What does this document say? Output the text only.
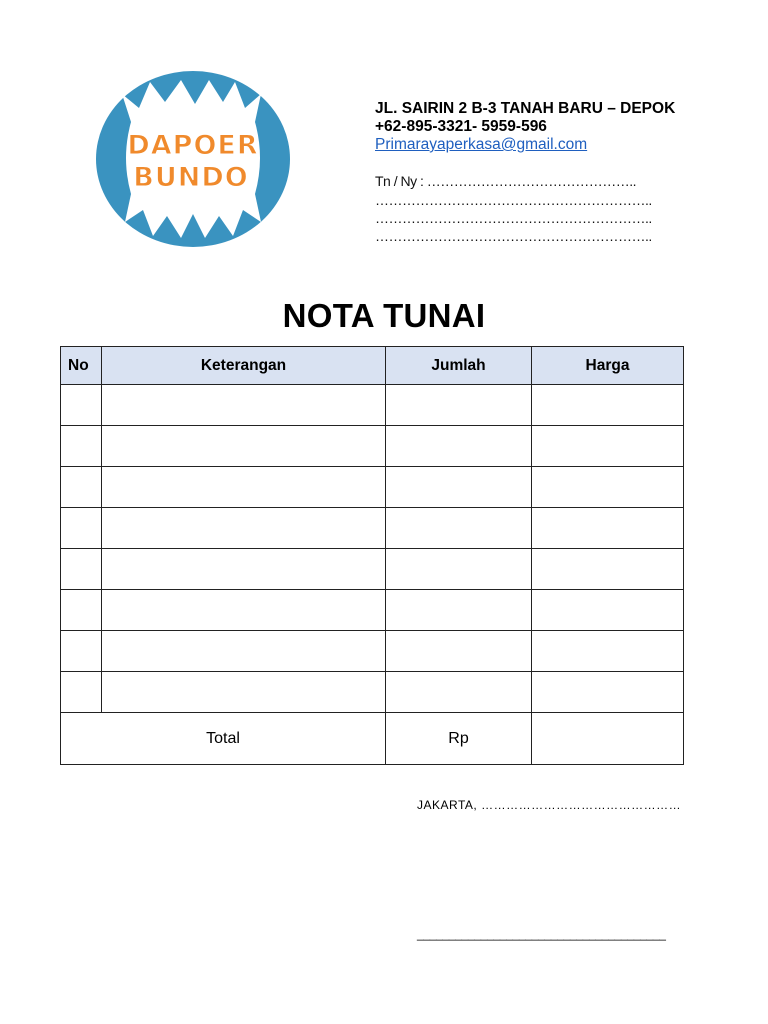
DAPOER
BUNDO
JL. SAIRIN 2 B-3 TANAH BARU – DEPOK
+62-895-3321- 5959-596
Primarayaperkasa@gmail.com
Tn / Ny : ………………………………………..
……………………………………………………..
……………………………………………………..
……………………………………………………..
NOTA TUNAI
No	Keterangan	Jumlah	Harga

Total		Rp	
JAKARTA, …………………………………………
_______________________________________
